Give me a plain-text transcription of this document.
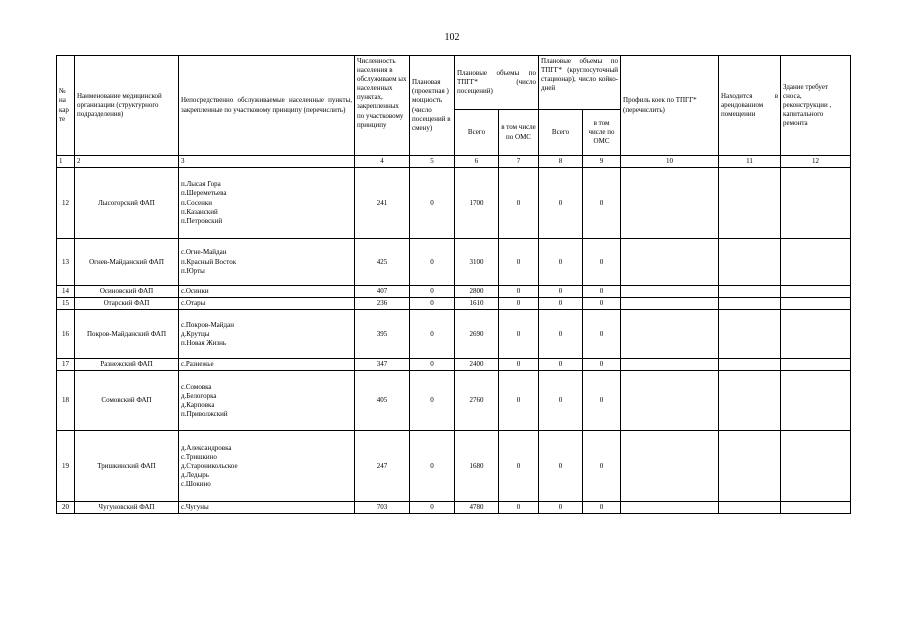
102
№ на кар те	Наименование медицинской организации (структурного подразделения)	Непосредственно обслуживаемые населенные пункты, закрепленные по участковому принципу (перечислить)	Численность населения в обслуживаем ых населенных пунктах, закрепленных по участковому принципу	Плановая (проектная ) мощность (число посещений в смену)	Плановые объемы по ТПГГ* (число посещений)		Плановые объемы по ТПГГ* (круглосуточный стационар), число койко-дней		Профиль коек по ТПГГ* (перечислить)	Находится в арендованном помещении	Здание требует сноса, реконструкции , капитального ремонта
					Всего	в том числе по ОМС	Всего	в том числе по ОМС			
1	2	3	4	5	6	7	8	9	10	11	12
12	Лысогорский ФАП	п.Лысая Гора
п.Шереметьева
п.Сосенки
п.Казанский
п.Петровский	241	0	1700	0	0	0			
13	Огнев-Майданский ФАП	с.Огне-Майдан
п.Красный Восток
п.Юрты	425	0	3100	0	0	0			
14	Осиновский ФАП	с.Осинки	407	0	2800	0	0	0			
15	Отарский ФАП	с.Отары	236	0	1610	0	0	0			
16	Покров-Майданский ФАП	с.Покров-Майдан
д.Крутцы
п.Новая Жизнь	395	0	2690	0	0	0			
17	Разнежский ФАП	с.Разнежье	347	0	2400	0	0	0			
18	Сомовский ФАП	с.Сомовка
д.Белогорка
д.Карповка
п.Приволжский	405	0	2760	0	0	0			
19	Тришкинский ФАП	д.Александровка
с.Тришкино
д.Староникольское
д.Ледырь
с.Шокино	247	0	1680	0	0	0			
20	Чугуновский ФАП	с.Чугуны	703	0	4780	0	0	0			
